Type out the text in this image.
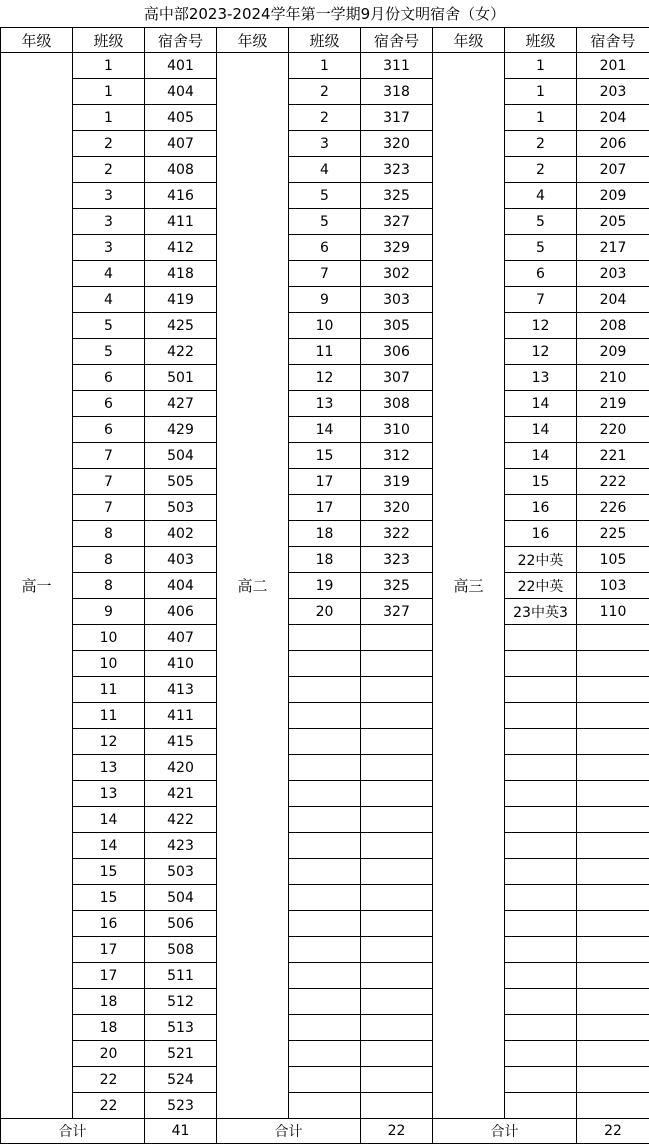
高中部2023-2024学年第一学期9月份文明宿舍（女）
年级	班级	宿舍号	年级	班级	宿舍号	年级	班级	宿舍号
高一	1	401	高二	1	311	高三	1	201
	1	404		2	318		1	203
	1	405		2	317		1	204
	2	407		3	320		2	206
	2	408		4	323		2	207
	3	416		5	325		4	209
	3	411		5	327		5	205
	3	412		6	329		5	217
	4	418		7	302		6	203
	4	419		9	303		7	204
	5	425		10	305		12	208
	5	422		11	306		12	209
	6	501		12	307		13	210
	6	427		13	308		14	219
	6	429		14	310		14	220
	7	504		15	312		14	221
	7	505		17	319		15	222
	7	503		17	320		16	226
	8	402		18	322		16	225
	8	403		18	323		22中英	105
	8	404		19	325		22中英	103
	9	406		20	327		23中英3	110
	10	407						
	10	410						
	11	413						
	11	411						
	12	415						
	13	420						
	13	421						
	14	422						
	14	423						
	15	503						
	15	504						
	16	506						
	17	508						
	17	511						
	18	512						
	18	513						
	20	521						
	22	524						
	22	523						
合计		41	合计		22	合计		22
